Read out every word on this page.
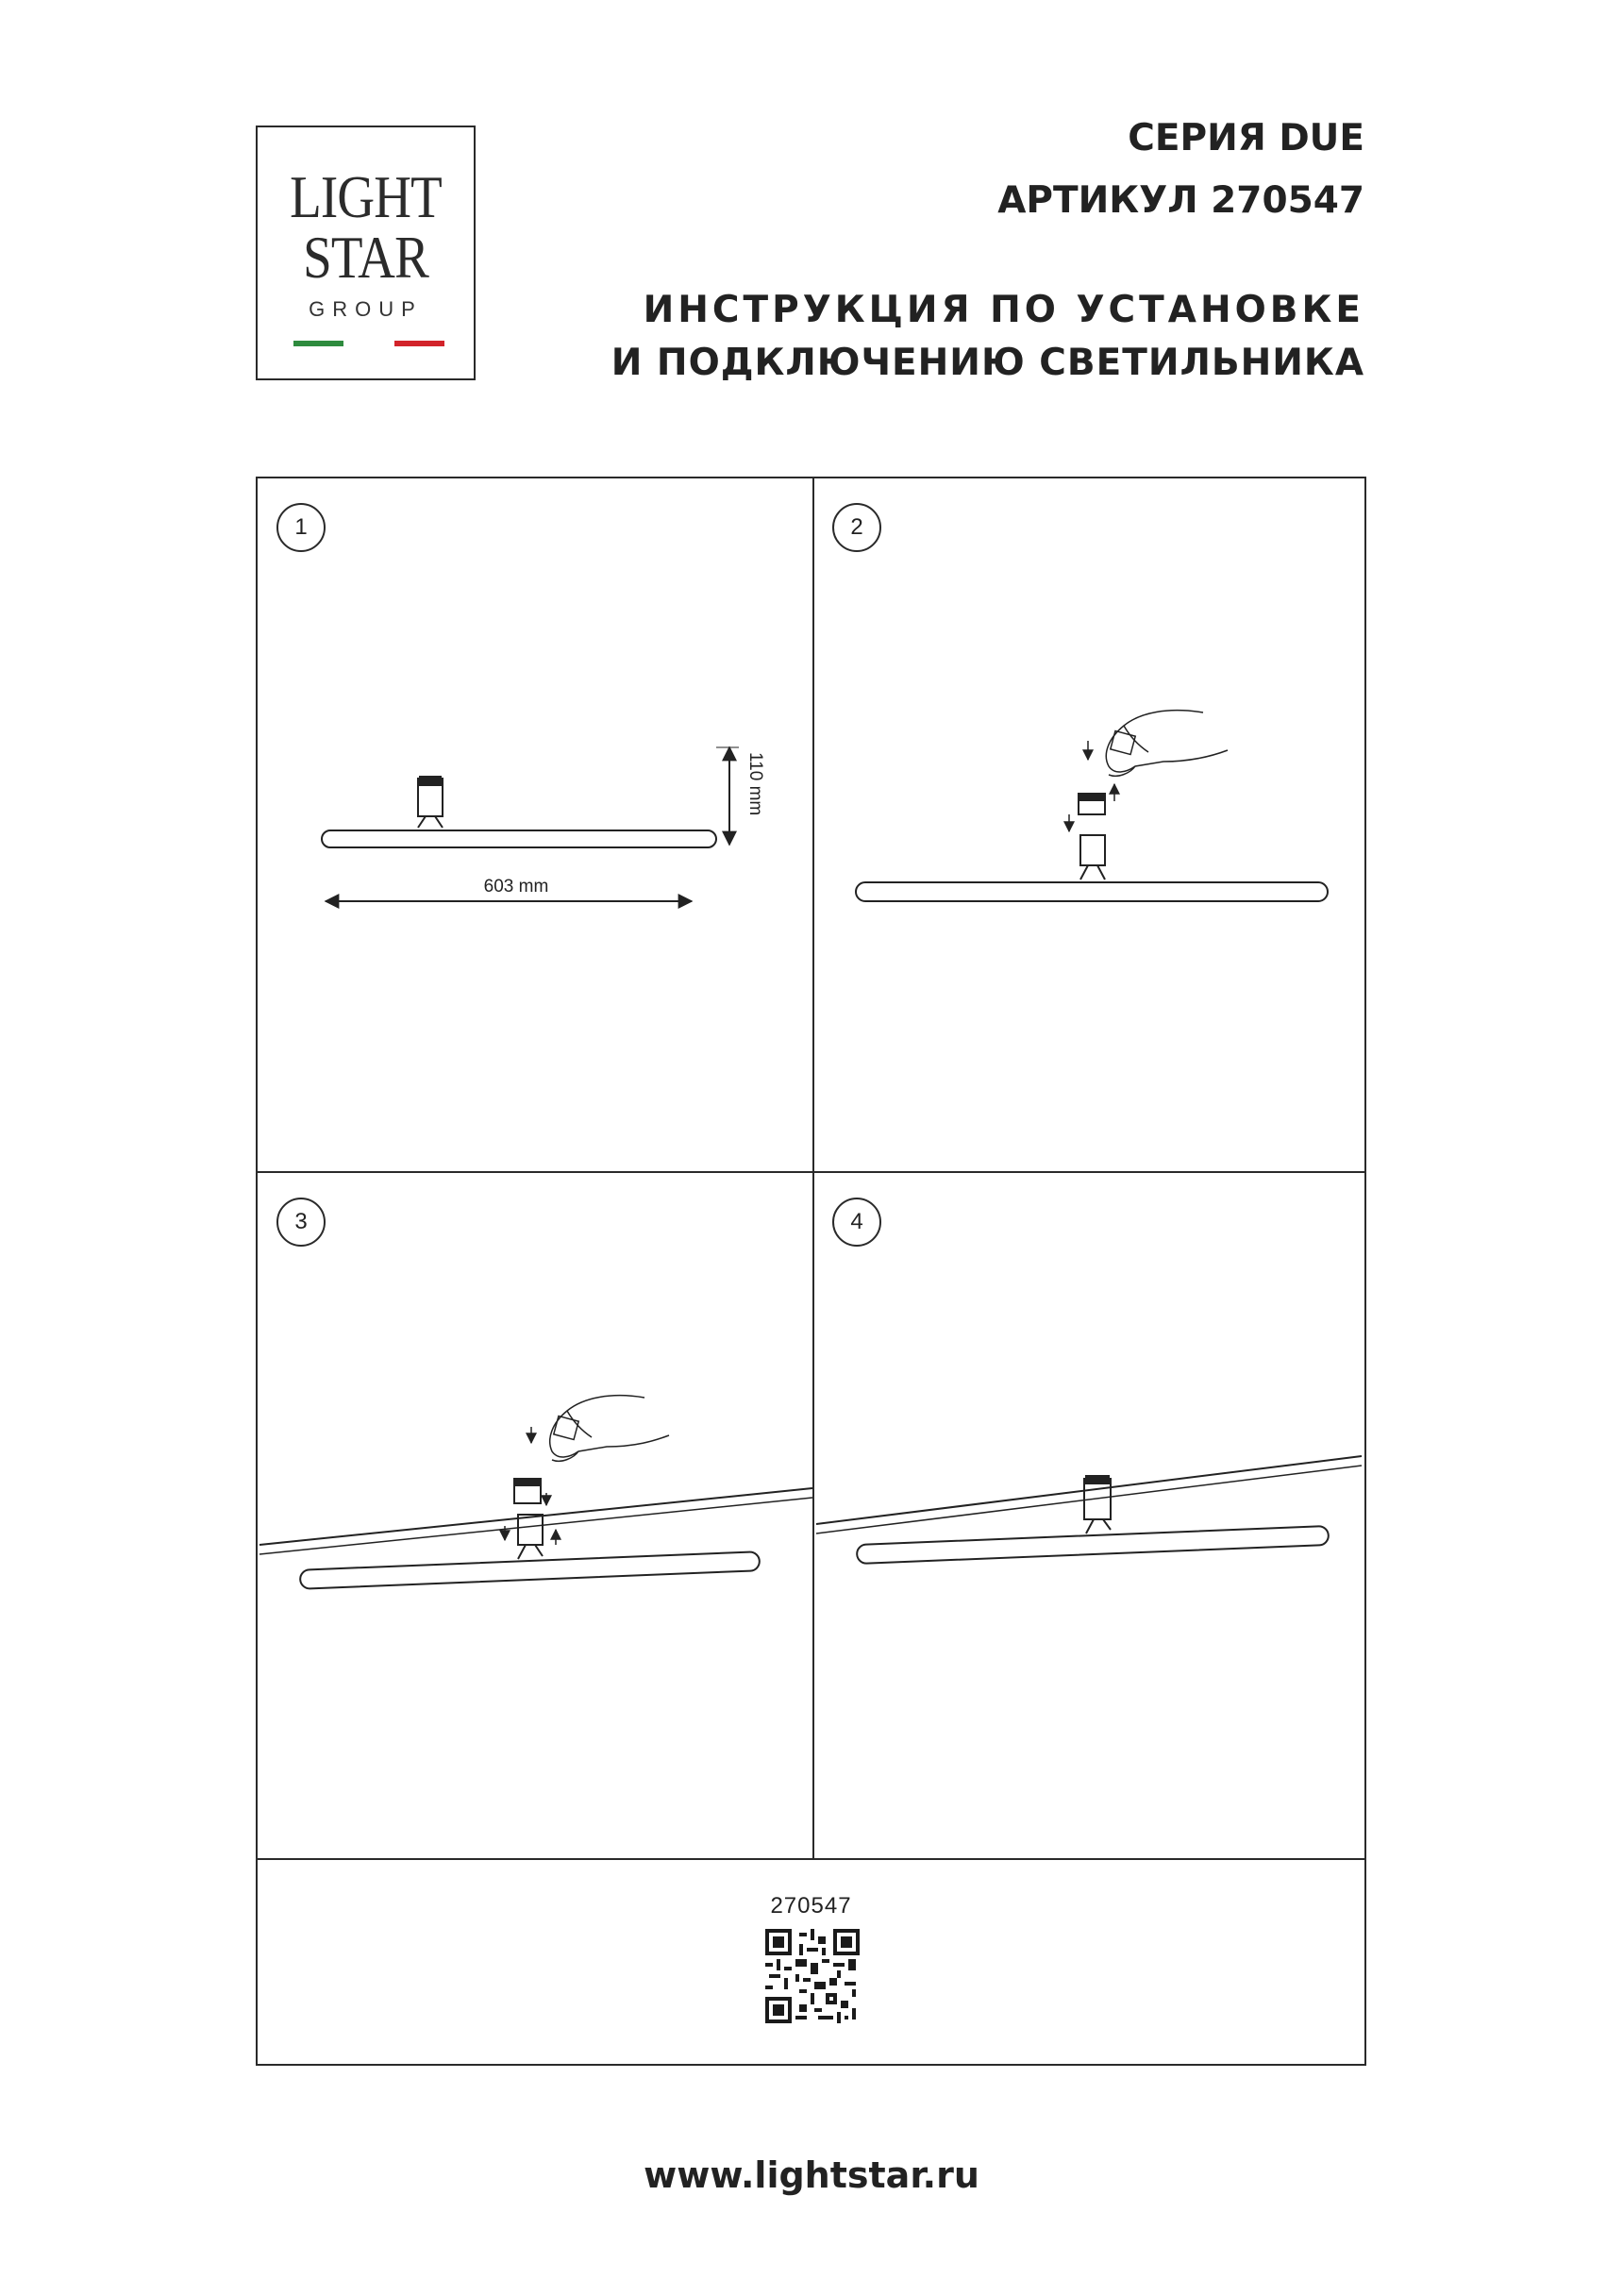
LIGHT
STAR
GROUP
СЕРИЯ DUE
АРТИКУЛ 270547
ИНСТРУКЦИЯ ПО УСТАНОВКЕ
И ПОДКЛЮЧЕНИЮ СВЕТИЛЬНИКА
1	2
3	4
603 mm
110 mm
270547
www.lightstar.ru
